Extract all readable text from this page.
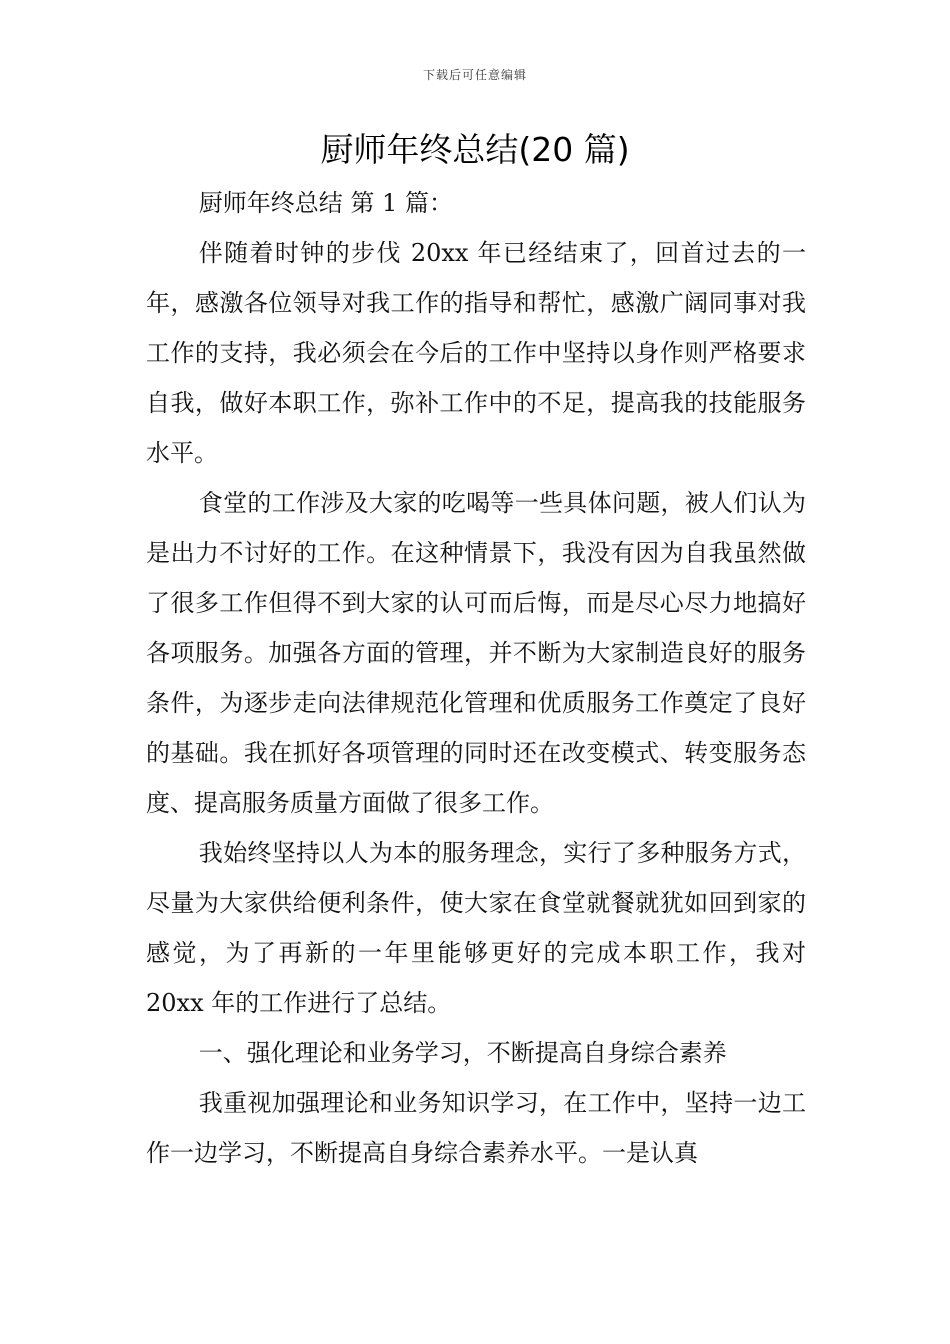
下载后可任意编辑
厨师年终总结(20 篇)

厨师年终总结 第 1 篇：

伴随着时钟的步伐 20xx 年已经结束了，回首过去的一年，感激各位领导对我工作的指导和帮忙，感激广阔同事对我工作的支持，我必须会在今后的工作中坚持以身作则严格要求自我，做好本职工作，弥补工作中的不足，提高我的技能服务水平。

食堂的工作涉及大家的吃喝等一些具体问题，被人们认为是出力不讨好的工作。在这种情景下，我没有因为自我虽然做了很多工作但得不到大家的认可而后悔，而是尽心尽力地搞好各项服务。加强各方面的管理，并不断为大家制造良好的服务条件，为逐步走向法律规范化管理和优质服务工作奠定了良好的基础。我在抓好各项管理的同时还在改变模式、转变服务态度、提高服务质量方面做了很多工作。

我始终坚持以人为本的服务理念，实行了多种服务方式，尽量为大家供给便利条件，使大家在食堂就餐就犹如回到家的感觉，为了再新的一年里能够更好的完成本职工作，我对 20xx 年的工作进行了总结。

一、强化理论和业务学习，不断提高自身综合素养

我重视加强理论和业务知识学习，在工作中，坚持一边工作一边学习，不断提高自身综合素养水平。一是认真
